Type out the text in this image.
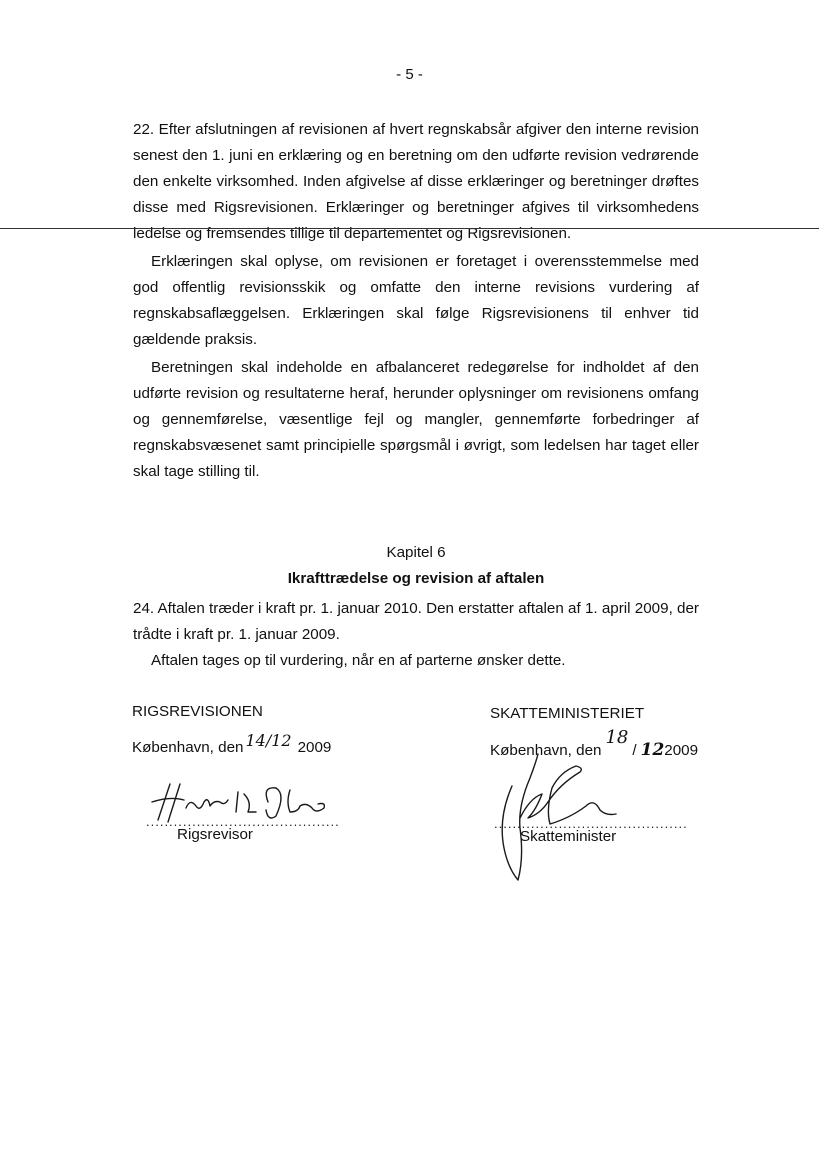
- 5 -
22. Efter afslutningen af revisionen af hvert regnskabsår afgiver den interne revision senest den 1. juni en erklæring og en beretning om den udførte revision vedrørende den enkelte virksomhed. Inden afgivelse af disse erklæringer og beretninger drøftes disse med Rigsrevisionen. Erklæringer og beretninger afgives til virksomhedens ledelse og fremsendes tillige til departementet og Rigsrevisionen.
Erklæringen skal oplyse, om revisionen er foretaget i overensstemmelse med god offentlig revisionsskik og omfatte den interne revisions vurdering af regnskabsaflæggelsen. Erklæringen skal følge Rigsrevisionens til enhver tid gældende praksis.
Beretningen skal indeholde en afbalanceret redegørelse for indholdet af den udførte revision og resultaterne heraf, herunder oplysninger om revisionens omfang og gennemførelse, væsentlige fejl og mangler, gennemførte forbedringer af regnskabsvæsenet samt principielle spørgsmål i øvrigt, som ledelsen har taget eller skal tage stilling til.
Kapitel 6
Ikrafttrædelse og revision af aftalen
24. Aftalen træder i kraft pr. 1. januar 2010. Den erstatter aftalen af 1. april 2009, der trådte i kraft pr. 1. januar 2009.
Aftalen tages op til vurdering, når en af parterne ønsker dette.
RIGSREVISIONEN
København, den 14/12 2009
..........................................
Rigsrevisor
SKATTEMINISTERIET
København, den18/ 122009
..........................................
Skatteminister
